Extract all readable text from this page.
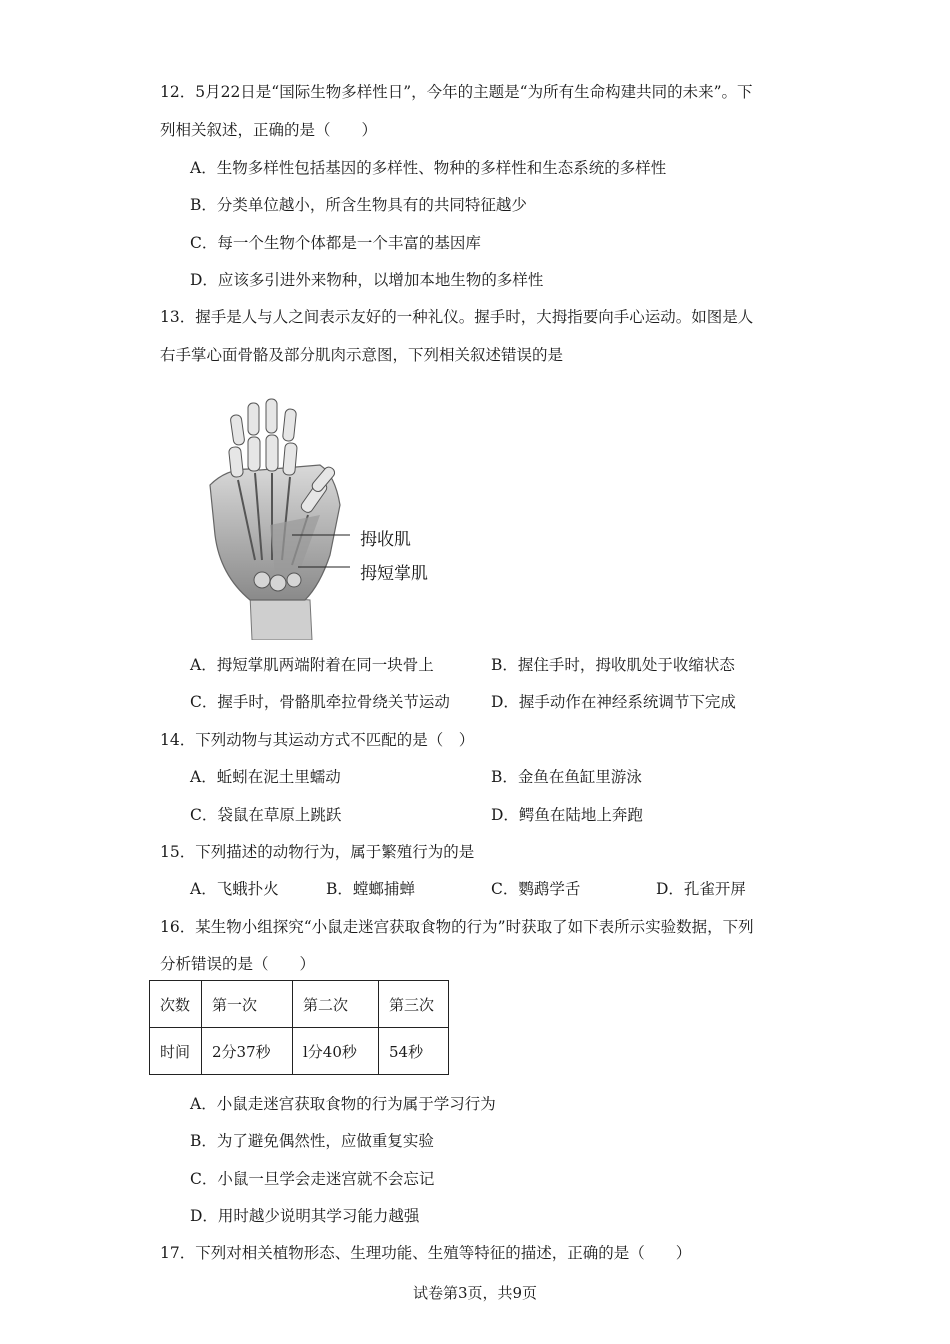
12．5月22日是“国际生物多样性日”，今年的主题是“为所有生命构建共同的未来”。下
列相关叙述，正确的是（　　）
A．生物多样性包括基因的多样性、物种的多样性和生态系统的多样性
B．分类单位越小，所含生物具有的共同特征越少
C．每一个生物个体都是一个丰富的基因库
D．应该多引进外来物种，以增加本地生物的多样性
13．握手是人与人之间表示友好的一种礼仪。握手时，大拇指要向手心运动。如图是人
右手掌心面骨骼及部分肌肉示意图，下列相关叙述错误的是
拇收肌
拇短掌肌
A．拇短掌肌两端附着在同一块骨上	B．握住手时，拇收肌处于收缩状态
C．握手时，骨骼肌牵拉骨绕关节运动	D．握手动作在神经系统调节下完成
14．下列动物与其运动方式不匹配的是（　）
A．蚯蚓在泥土里蠕动	B．金鱼在鱼缸里游泳
C．袋鼠在草原上跳跃	D．鳄鱼在陆地上奔跑
15．下列描述的动物行为，属于繁殖行为的是
A．飞蛾扑火	B．螳螂捕蝉	C．鹦鹉学舌	D．孔雀开屏
16．某生物小组探究“小鼠走迷宫获取食物的行为”时获取了如下表所示实验数据，下列
分析错误的是（　　）
次数	第一次	第二次	第三次
时间	2分37秒	l分40秒	54秒
A．小鼠走迷宫获取食物的行为属于学习行为
B．为了避免偶然性，应做重复实验
C．小鼠一旦学会走迷宫就不会忘记
D．用时越少说明其学习能力越强
17．下列对相关植物形态、生理功能、生殖等特征的描述，正确的是（　　）
试卷第3页，共9页
